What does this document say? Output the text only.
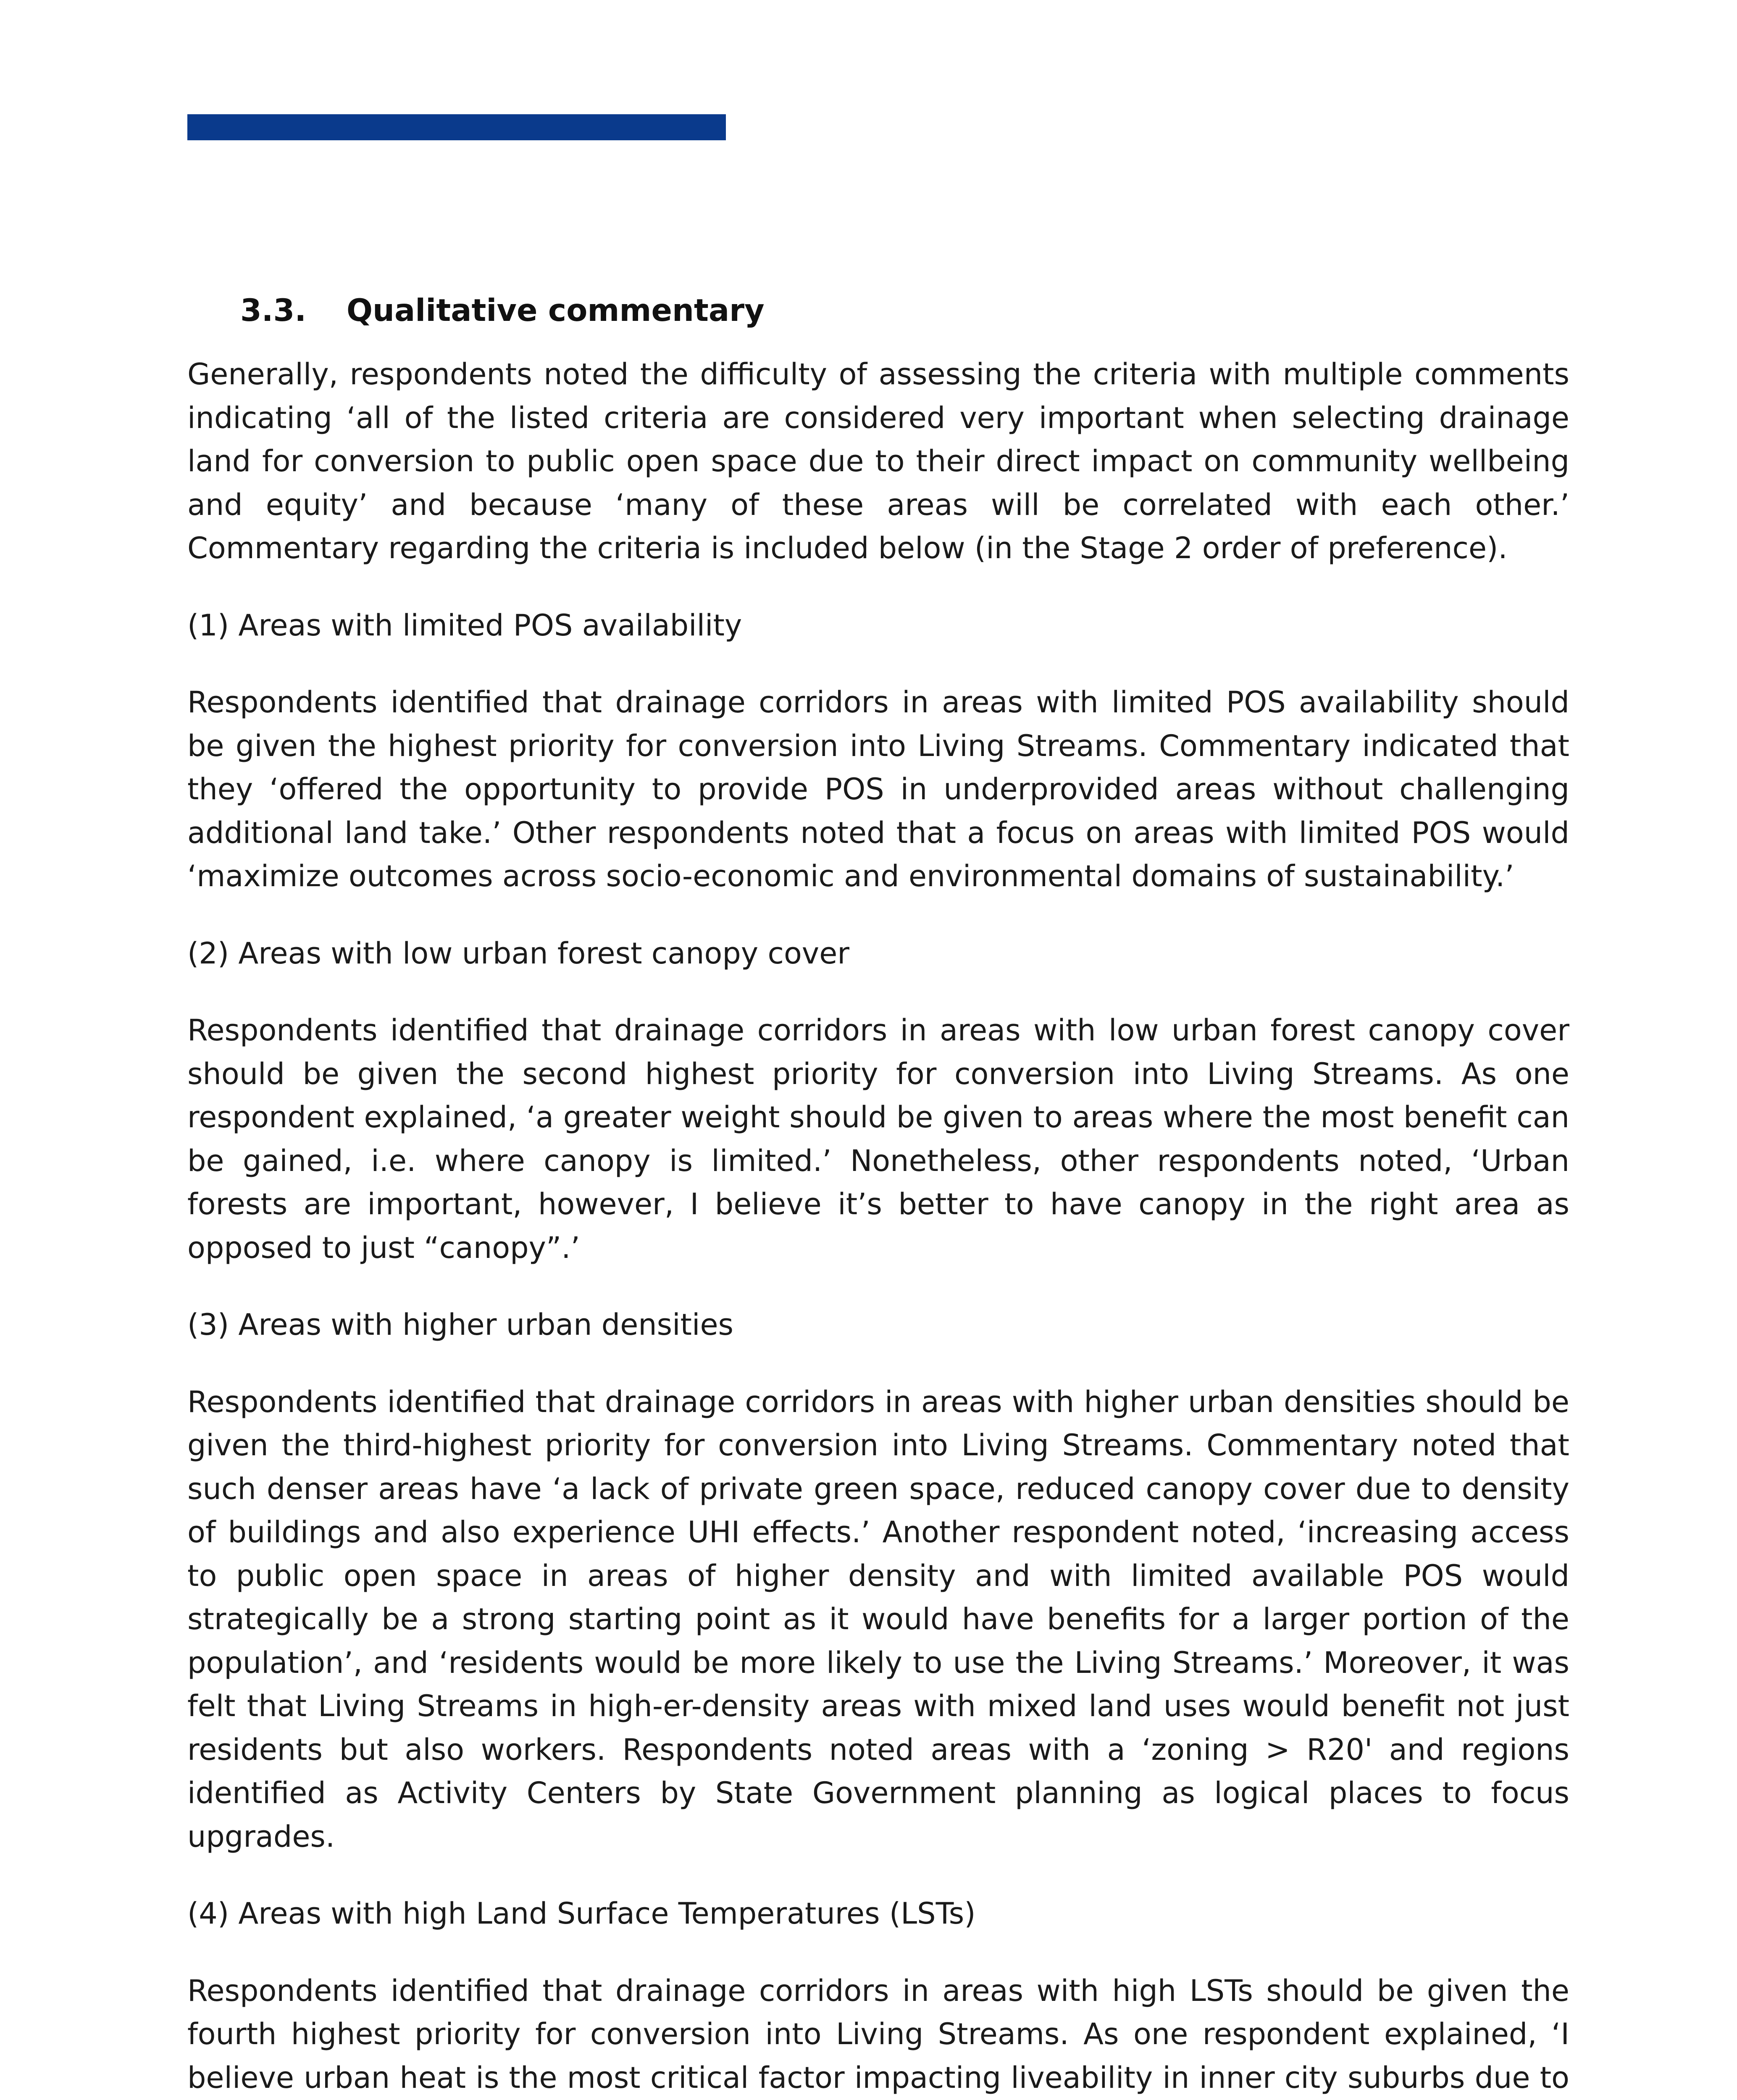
3.3.	Qualitative commentary

Generally, respondents noted the difficulty of assessing the criteria with multiple comments indicating ‘all of the listed criteria are considered very important when selecting drainage land for conversion to public open space due to their direct impact on community wellbeing and equity’ and because ‘many of these areas will be correlated with each other.’ Commentary regarding the criteria is included below (in the Stage 2 order of preference).

(1) Areas with limited POS availability

Respondents identified that drainage corridors in areas with limited POS availability should be given the highest priority for conversion into Living Streams. Commentary indicated that they ‘offered the opportunity to provide POS in underprovided areas without challenging additional land take.’ Other respondents noted that a focus on areas with limited POS would ‘maximize outcomes across socio-economic and environmental domains of sustainability.’

(2) Areas with low urban forest canopy cover

Respondents identified that drainage corridors in areas with low urban forest canopy cover should be given the second highest priority for conversion into Living Streams. As one respondent explained, ‘a greater weight should be given to areas where the most benefit can be gained, i.e. where canopy is limited.’ Nonetheless, other respondents noted, ‘Urban forests are important, however, I believe it’s better to have canopy in the right area as opposed to just “canopy”.’

(3) Areas with higher urban densities

Respondents identified that drainage corridors in areas with higher urban densities should be given the third-highest priority for conversion into Living Streams. Commentary noted that such denser areas have ‘a lack of private green space, reduced canopy cover due to density of buildings and also experience UHI effects.’ Another respondent noted, ‘increasing access to public open space in areas of higher density and with limited available POS would strategically be a strong starting point as it would have benefits for a larger portion of the population’, and ‘residents would be more likely to use the Living Streams.’ Moreover, it was felt that Living Streams in high-er-density areas with mixed land uses would benefit not just residents but also workers. Respondents noted areas with a ‘zoning > R20' and regions identified as Activity Centers by State Government planning as logical places to focus upgrades.

(4) Areas with high Land Surface Temperatures (LSTs)

Respondents identified that drainage corridors in areas with high LSTs should be given the fourth highest priority for conversion into Living Streams. As one respondent explained, ‘I believe urban heat is the most critical factor impacting liveability in inner city suburbs due to
